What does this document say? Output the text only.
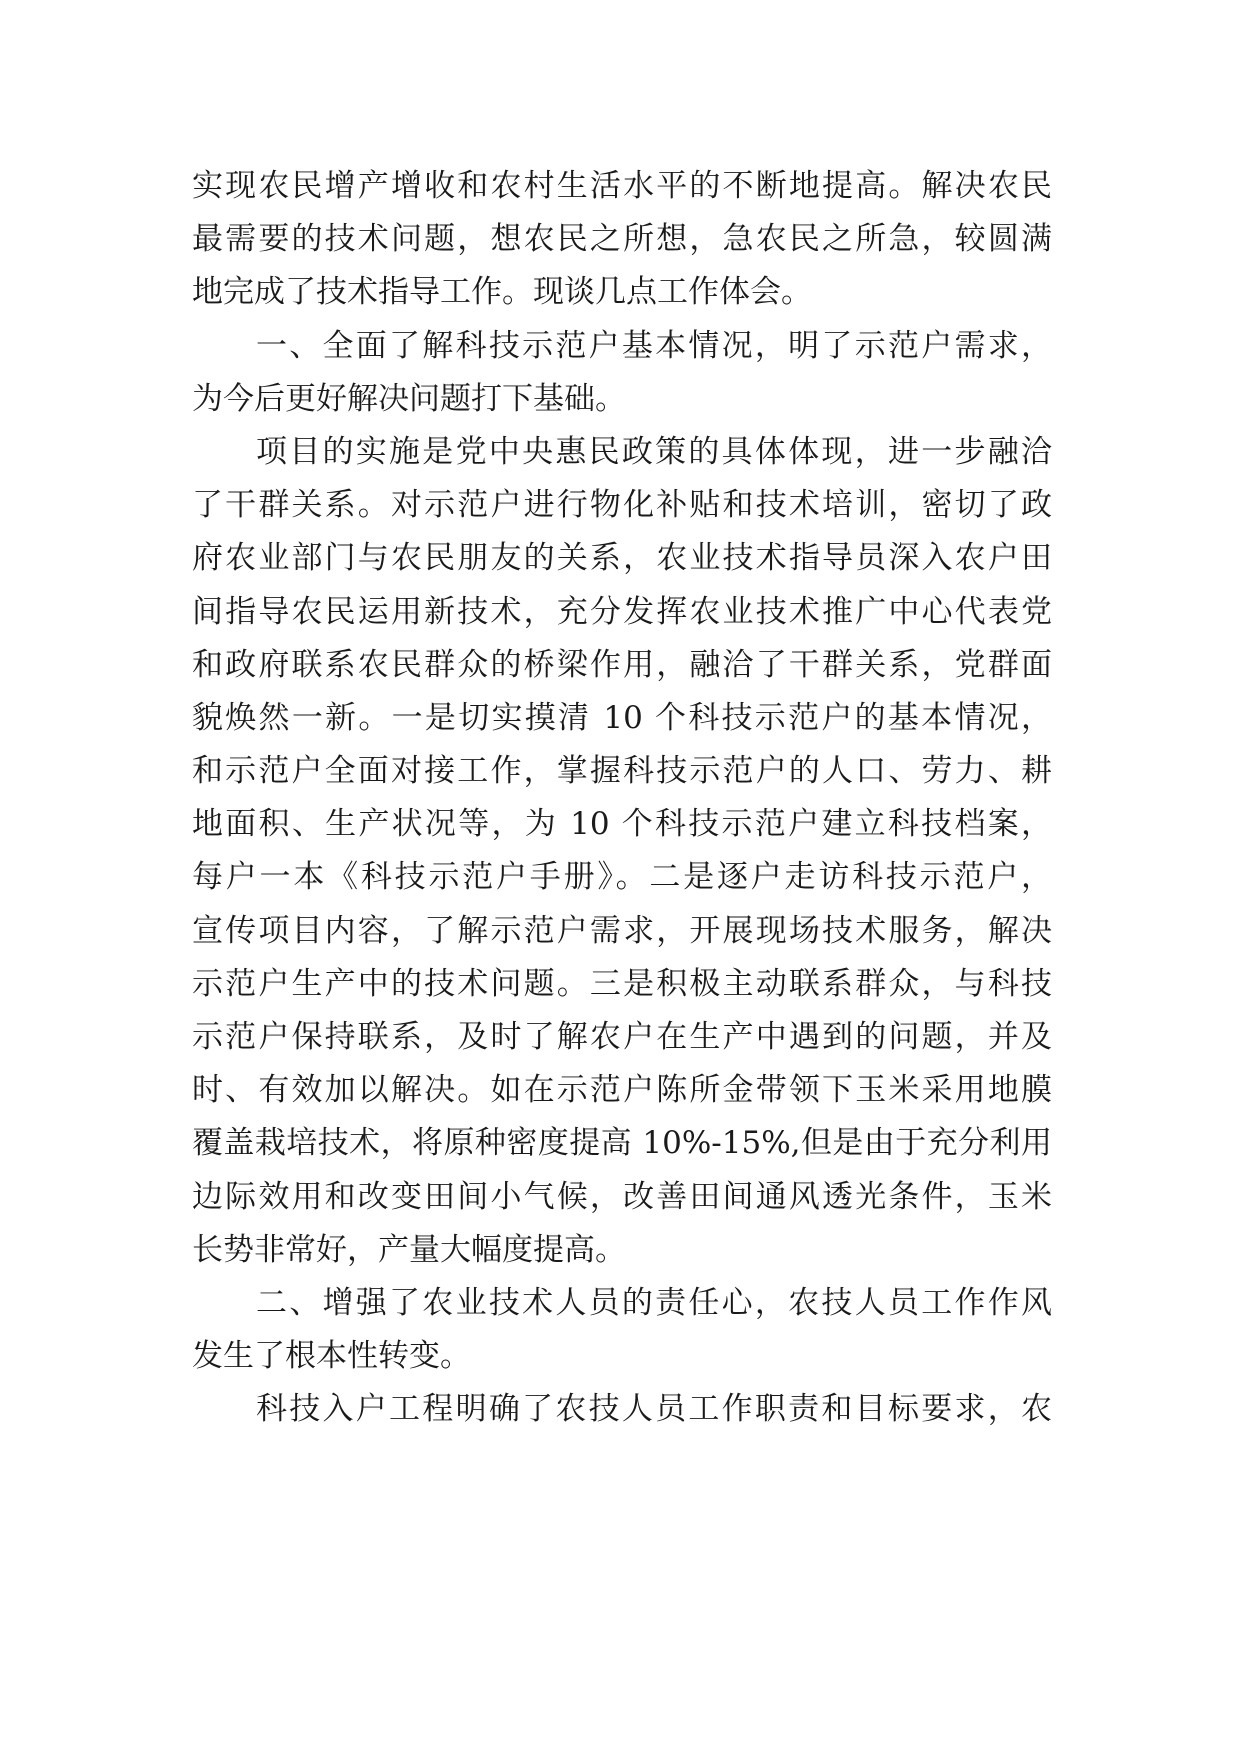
实现农民增产增收和农村生活水平的不断地提高。解决农民
最需要的技术问题，想农民之所想，急农民之所急，较圆满
地完成了技术指导工作。现谈几点工作体会。
一、全面了解科技示范户基本情况，明了示范户需求，
为今后更好解决问题打下基础。
项目的实施是党中央惠民政策的具体体现，进一步融洽
了干群关系。对示范户进行物化补贴和技术培训，密切了政
府农业部门与农民朋友的关系，农业技术指导员深入农户田
间指导农民运用新技术，充分发挥农业技术推广中心代表党
和政府联系农民群众的桥梁作用，融洽了干群关系，党群面
貌焕然一新。一是切实摸清 10 个科技示范户的基本情况，
和示范户全面对接工作，掌握科技示范户的人口、劳力、耕
地面积、生产状况等，为 10 个科技示范户建立科技档案，
每户一本《科技示范户手册》。二是逐户走访科技示范户，
宣传项目内容，了解示范户需求，开展现场技术服务，解决
示范户生产中的技术问题。三是积极主动联系群众，与科技
示范户保持联系，及时了解农户在生产中遇到的问题，并及
时、有效加以解决。如在示范户陈所金带领下玉米采用地膜
覆盖栽培技术，将原种密度提高 10%-15%,但是由于充分利用
边际效用和改变田间小气候，改善田间通风透光条件，玉米
长势非常好，产量大幅度提高。
二、增强了农业技术人员的责任心，农技人员工作作风
发生了根本性转变。
科技入户工程明确了农技人员工作职责和目标要求，农
